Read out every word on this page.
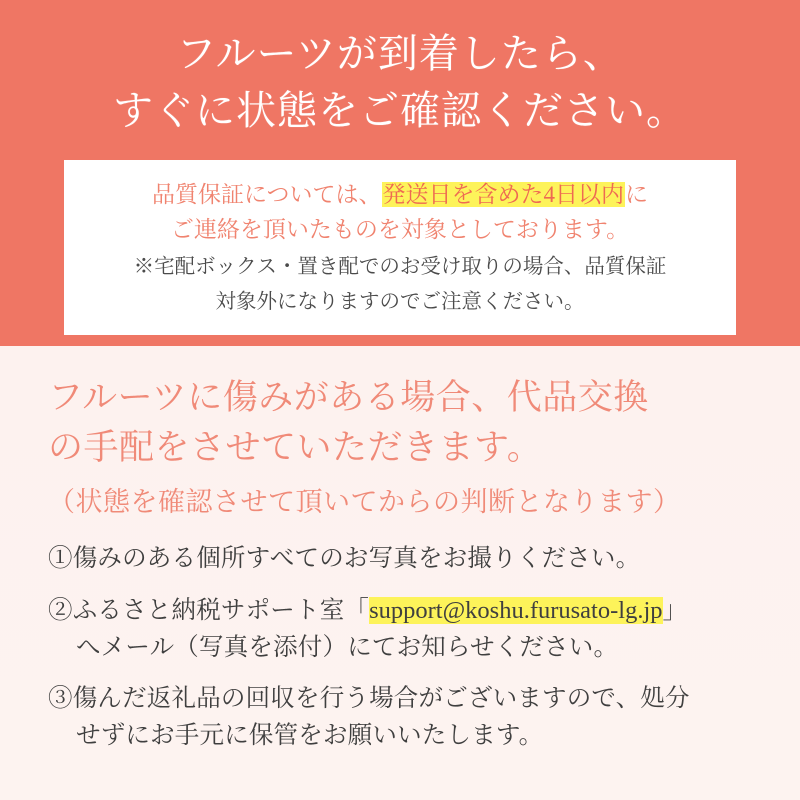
フルーツが到着したら、
すぐに状態をご確認ください。
品質保証については、発送日を含めた4日以内に
ご連絡を頂いたものを対象としております。
※宅配ボックス・置き配でのお受け取りの場合、品質保証
対象外になりますのでご注意ください。
フルーツに傷みがある場合、代品交換
の手配をさせていただきます。
（状態を確認させて頂いてからの判断となります）
①傷みのある個所すべてのお写真をお撮りください。
②ふるさと納税サポート室「support@koshu.furusato-lg.jp」
へメール（写真を添付）にてお知らせください。
③傷んだ返礼品の回収を行う場合がございますので、処分
せずにお手元に保管をお願いいたします。
